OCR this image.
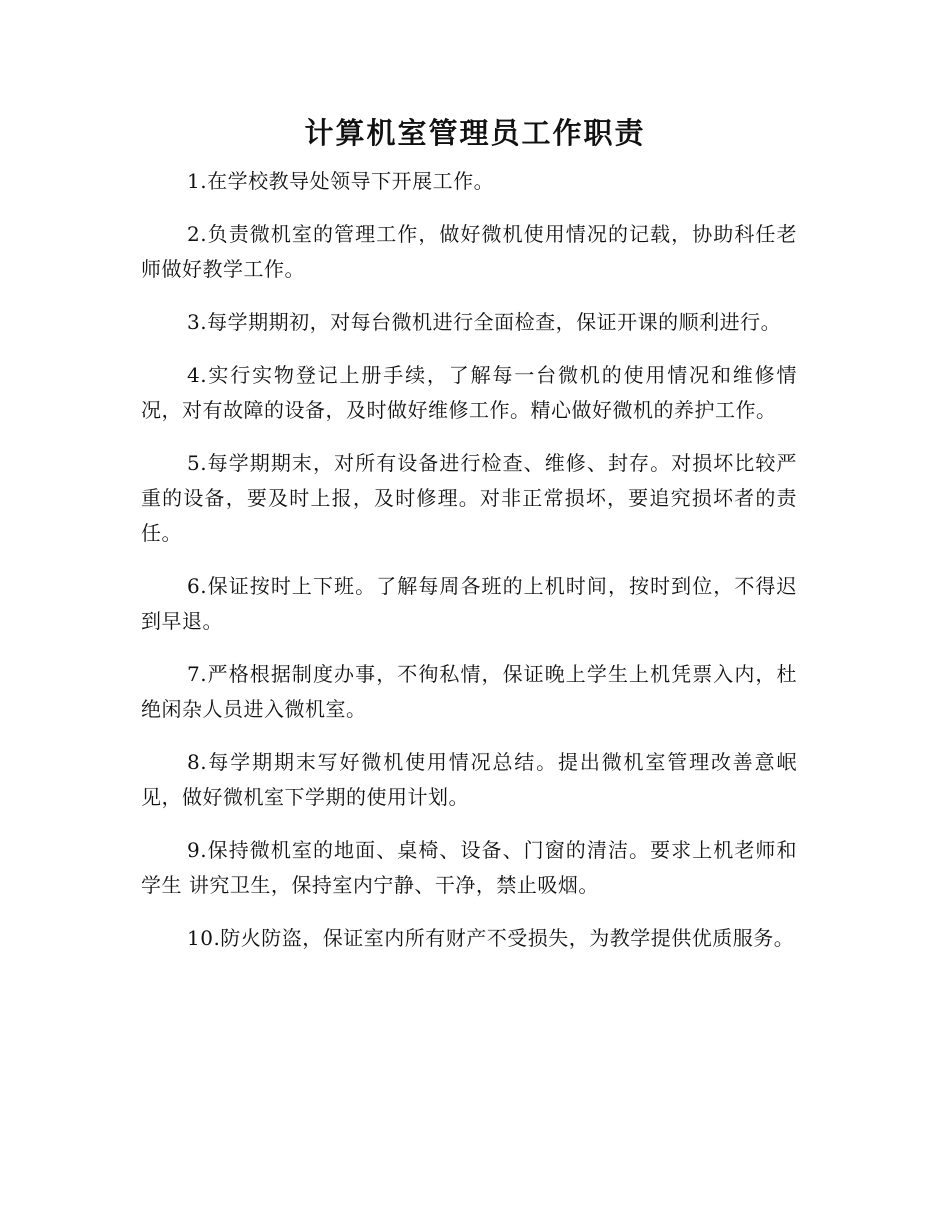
计算机室管理员工作职责

1.在学校教导处领导下开展工作。

2.负责微机室的管理工作，做好微机使用情况的记载，协助科任老师做好教学工作。

3.每学期期初，对每台微机进行全面检查，保证开课的顺利进行。

4.实行实物登记上册手续，了解每一台微机的使用情况和维修情况，对有故障的设备，及时做好维修工作。精心做好微机的养护工作。

5.每学期期末，对所有设备进行检查、维修、封存。对损坏比较严重的设备，要及时上报，及时修理。对非正常损坏，要追究损坏者的责任。

6.保证按时上下班。了解每周各班的上机时间，按时到位，不得迟到早退。

7.严格根据制度办事，不徇私情，保证晚上学生上机凭票入内，杜绝闲杂人员进入微机室。

8.每学期期末写好微机使用情况总结。提出微机室管理改善意岷见，做好微机室下学期的使用计划。

9.保持微机室的地面、桌椅、设备、门窗的清洁。要求上机老师和学生 讲究卫生，保持室内宁静、干净，禁止吸烟。

10.防火防盗，保证室内所有财产不受损失，为教学提供优质服务。
